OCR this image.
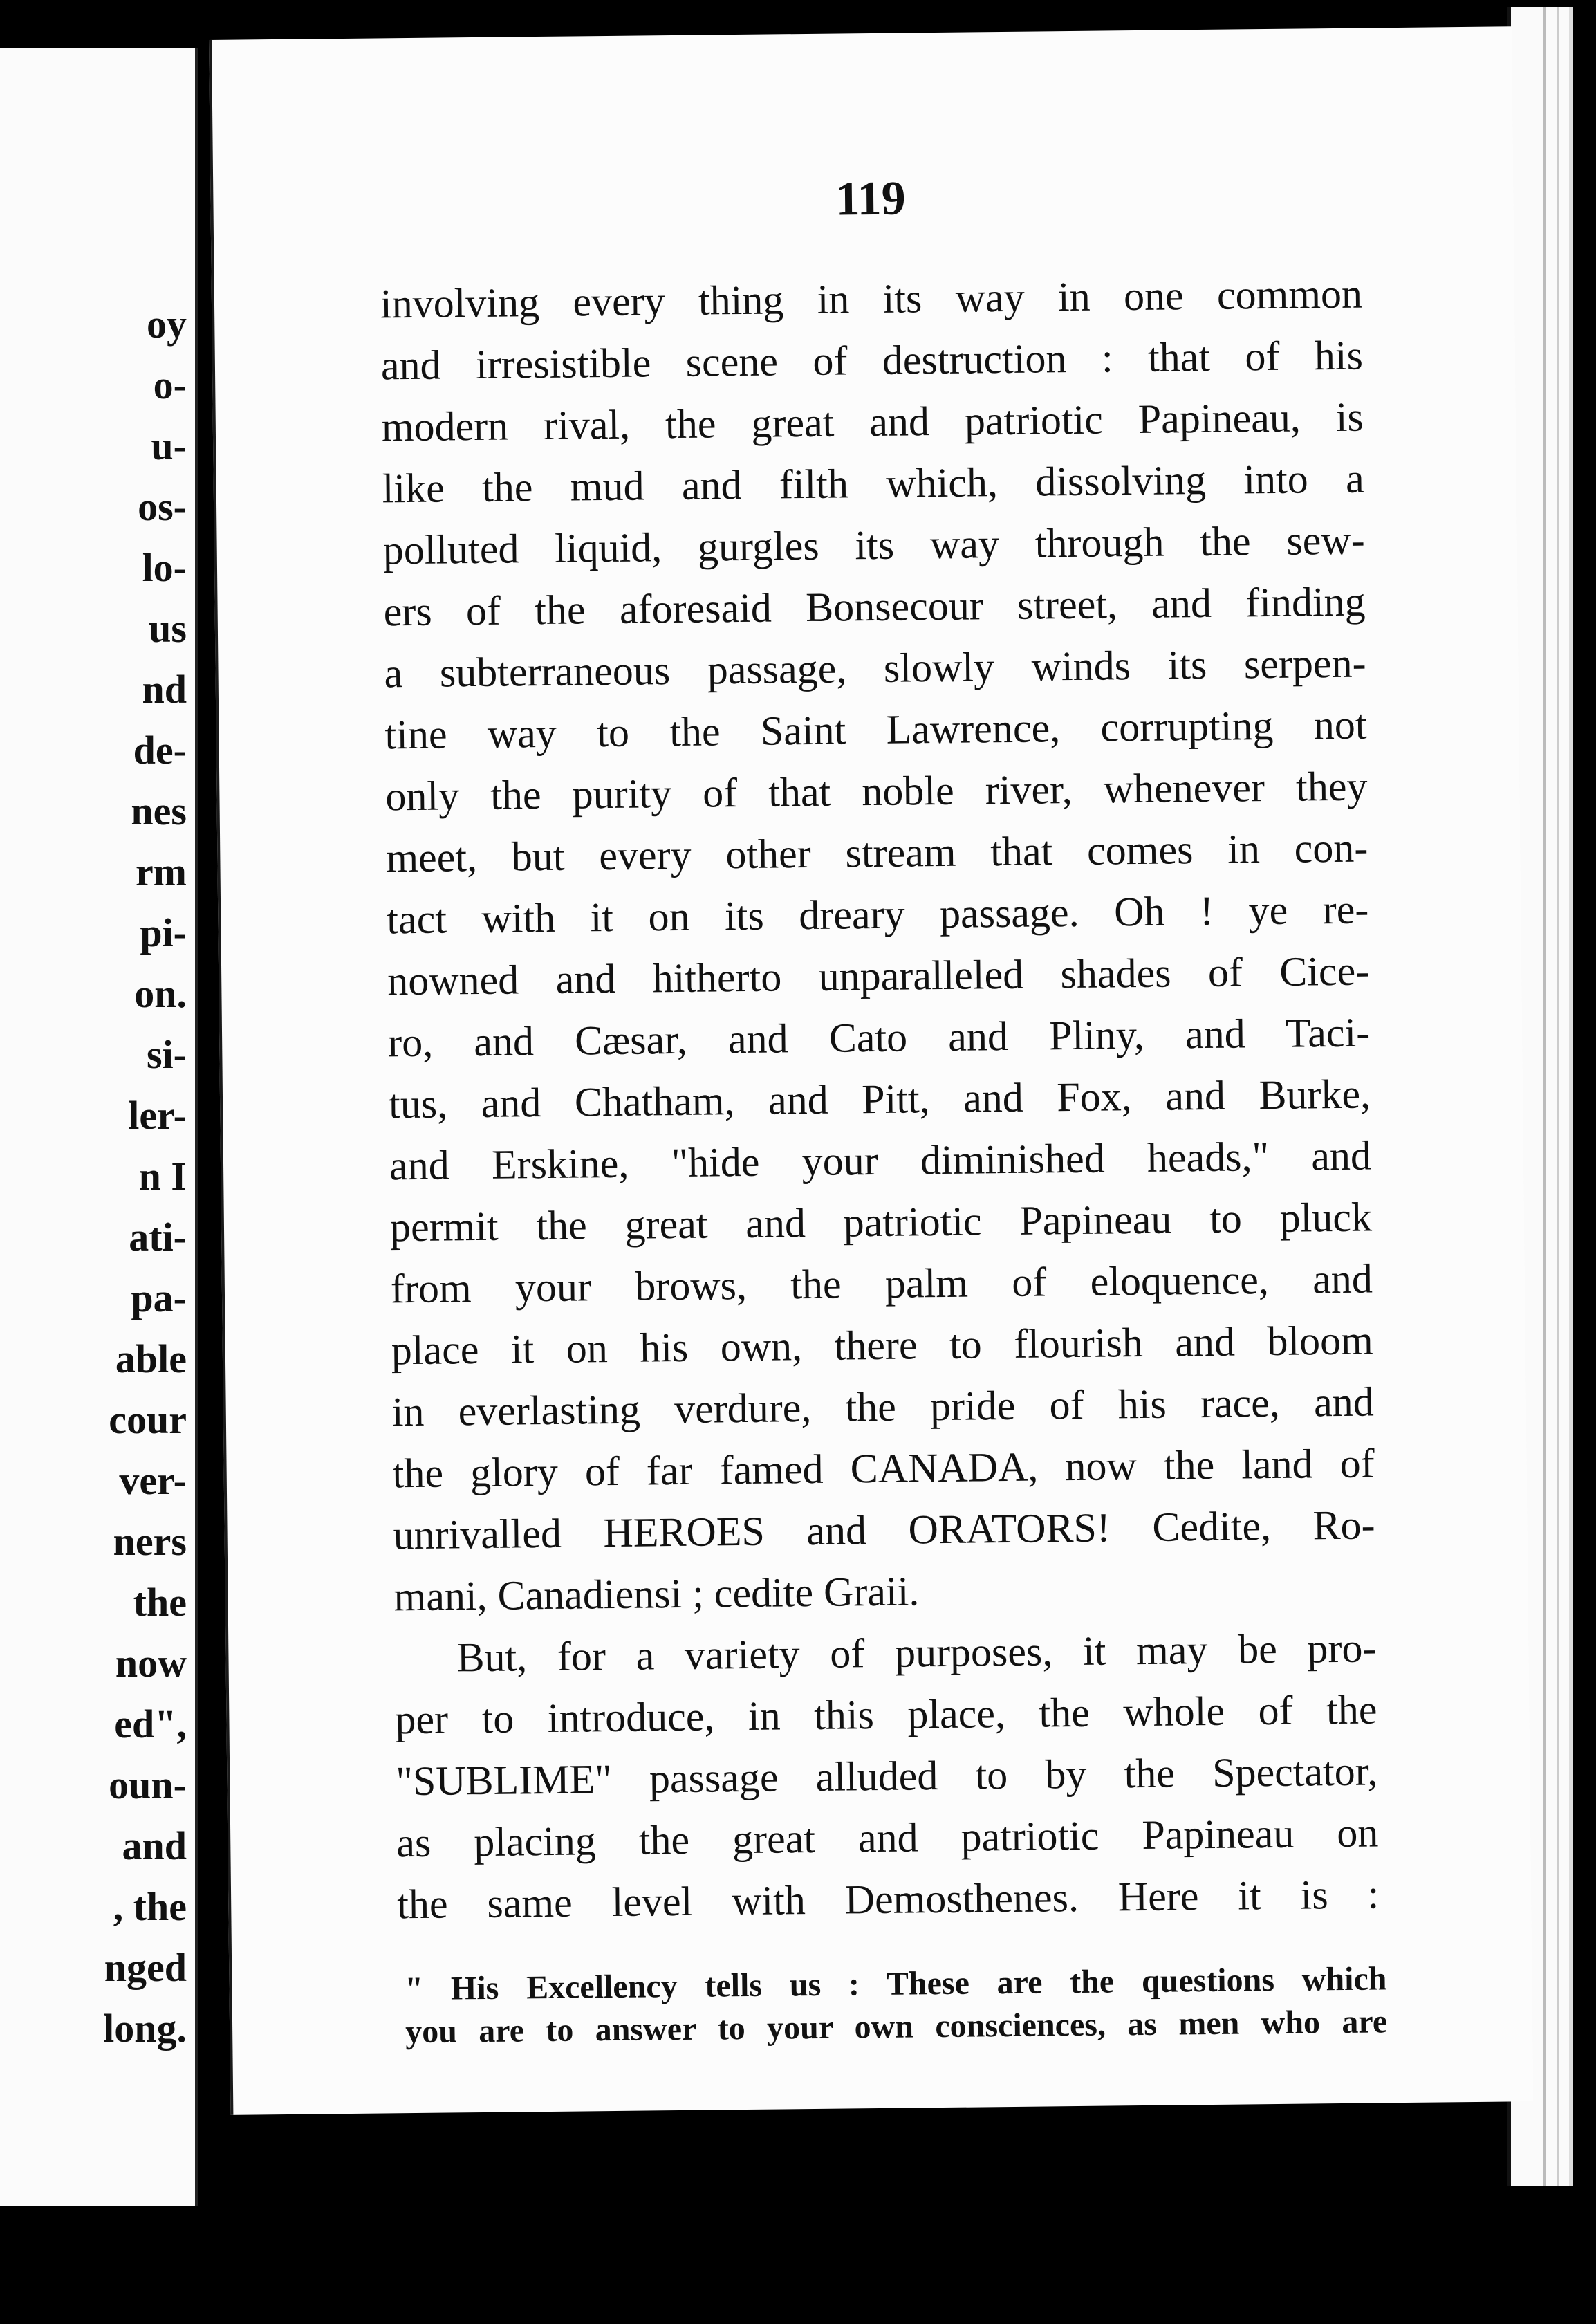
oy
o-
u-
os-
lo-
us
nd
de-
nes
rm
pi-
on.
si-
ler-
n I
ati-
pa-
able
cour
ver-
ners
the
now
ed",
oun-
and
, the
nged
long.
119
involving every thing in its way in one common
and irresistible scene of destruction : that of his
modern rival, the great and patriotic Papineau, is
like the mud and filth which, dissolving into a
polluted liquid, gurgles its way through the sew-
ers of the aforesaid Bonsecour street, and finding
a subterraneous passage, slowly winds its serpen-
tine way to the Saint Lawrence, corrupting not
only the purity of that noble river, whenever they
meet, but every other stream that comes in con-
tact with it on its dreary passage. Oh ! ye re-
nowned and hitherto unparalleled shades of Cice-
ro, and Cæsar, and Cato and Pliny, and Taci-
tus, and Chatham, and Pitt, and Fox, and Burke,
and Erskine, "hide your diminished heads," and
permit the great and patriotic Papineau to pluck
from your brows, the palm of eloquence, and
place it on his own, there to flourish and bloom
in everlasting verdure, the pride of his race, and
the glory of far famed CANADA, now the land of
unrivalled HEROES and ORATORS! Cedite, Ro-
mani, Canadiensi ; cedite Graii.
But, for a variety of purposes, it may be pro-
per to introduce, in this place, the whole of the
"SUBLIME" passage alluded to by the Spectator,
as placing the great and patriotic Papineau on
the same level with Demosthenes. Here it is :
" His Excellency tells us : These are the questions which
you are to answer to your own consciences, as men who are
